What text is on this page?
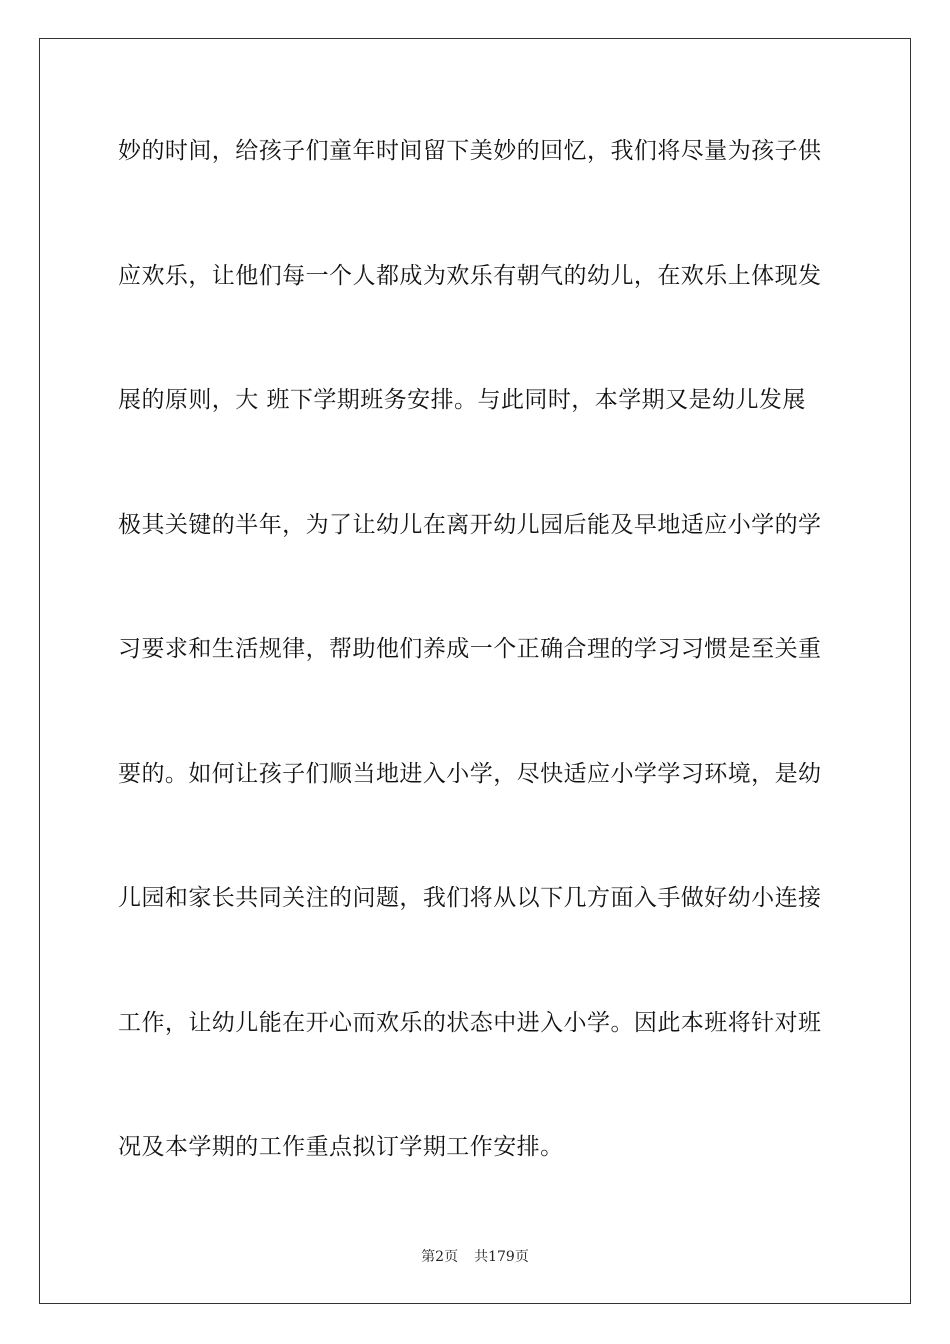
妙的时间，给孩子们童年时间留下美妙的回忆，我们将尽量为孩子供
应欢乐，让他们每一个人都成为欢乐有朝气的幼儿，在欢乐上体现发
展的原则，大 班下学期班务安排。与此同时，本学期又是幼儿发展
极其关键的半年，为了让幼儿在离开幼儿园后能及早地适应小学的学
习要求和生活规律，帮助他们养成一个正确合理的学习习惯是至关重
要的。如何让孩子们顺当地进入小学，尽快适应小学学习环境，是幼
儿园和家长共同关注的问题，我们将从以下几方面入手做好幼小连接
工作，让幼儿能在开心而欢乐的状态中进入小学。因此本班将针对班
况及本学期的工作重点拟订学期工作安排。
第2页 共179页
